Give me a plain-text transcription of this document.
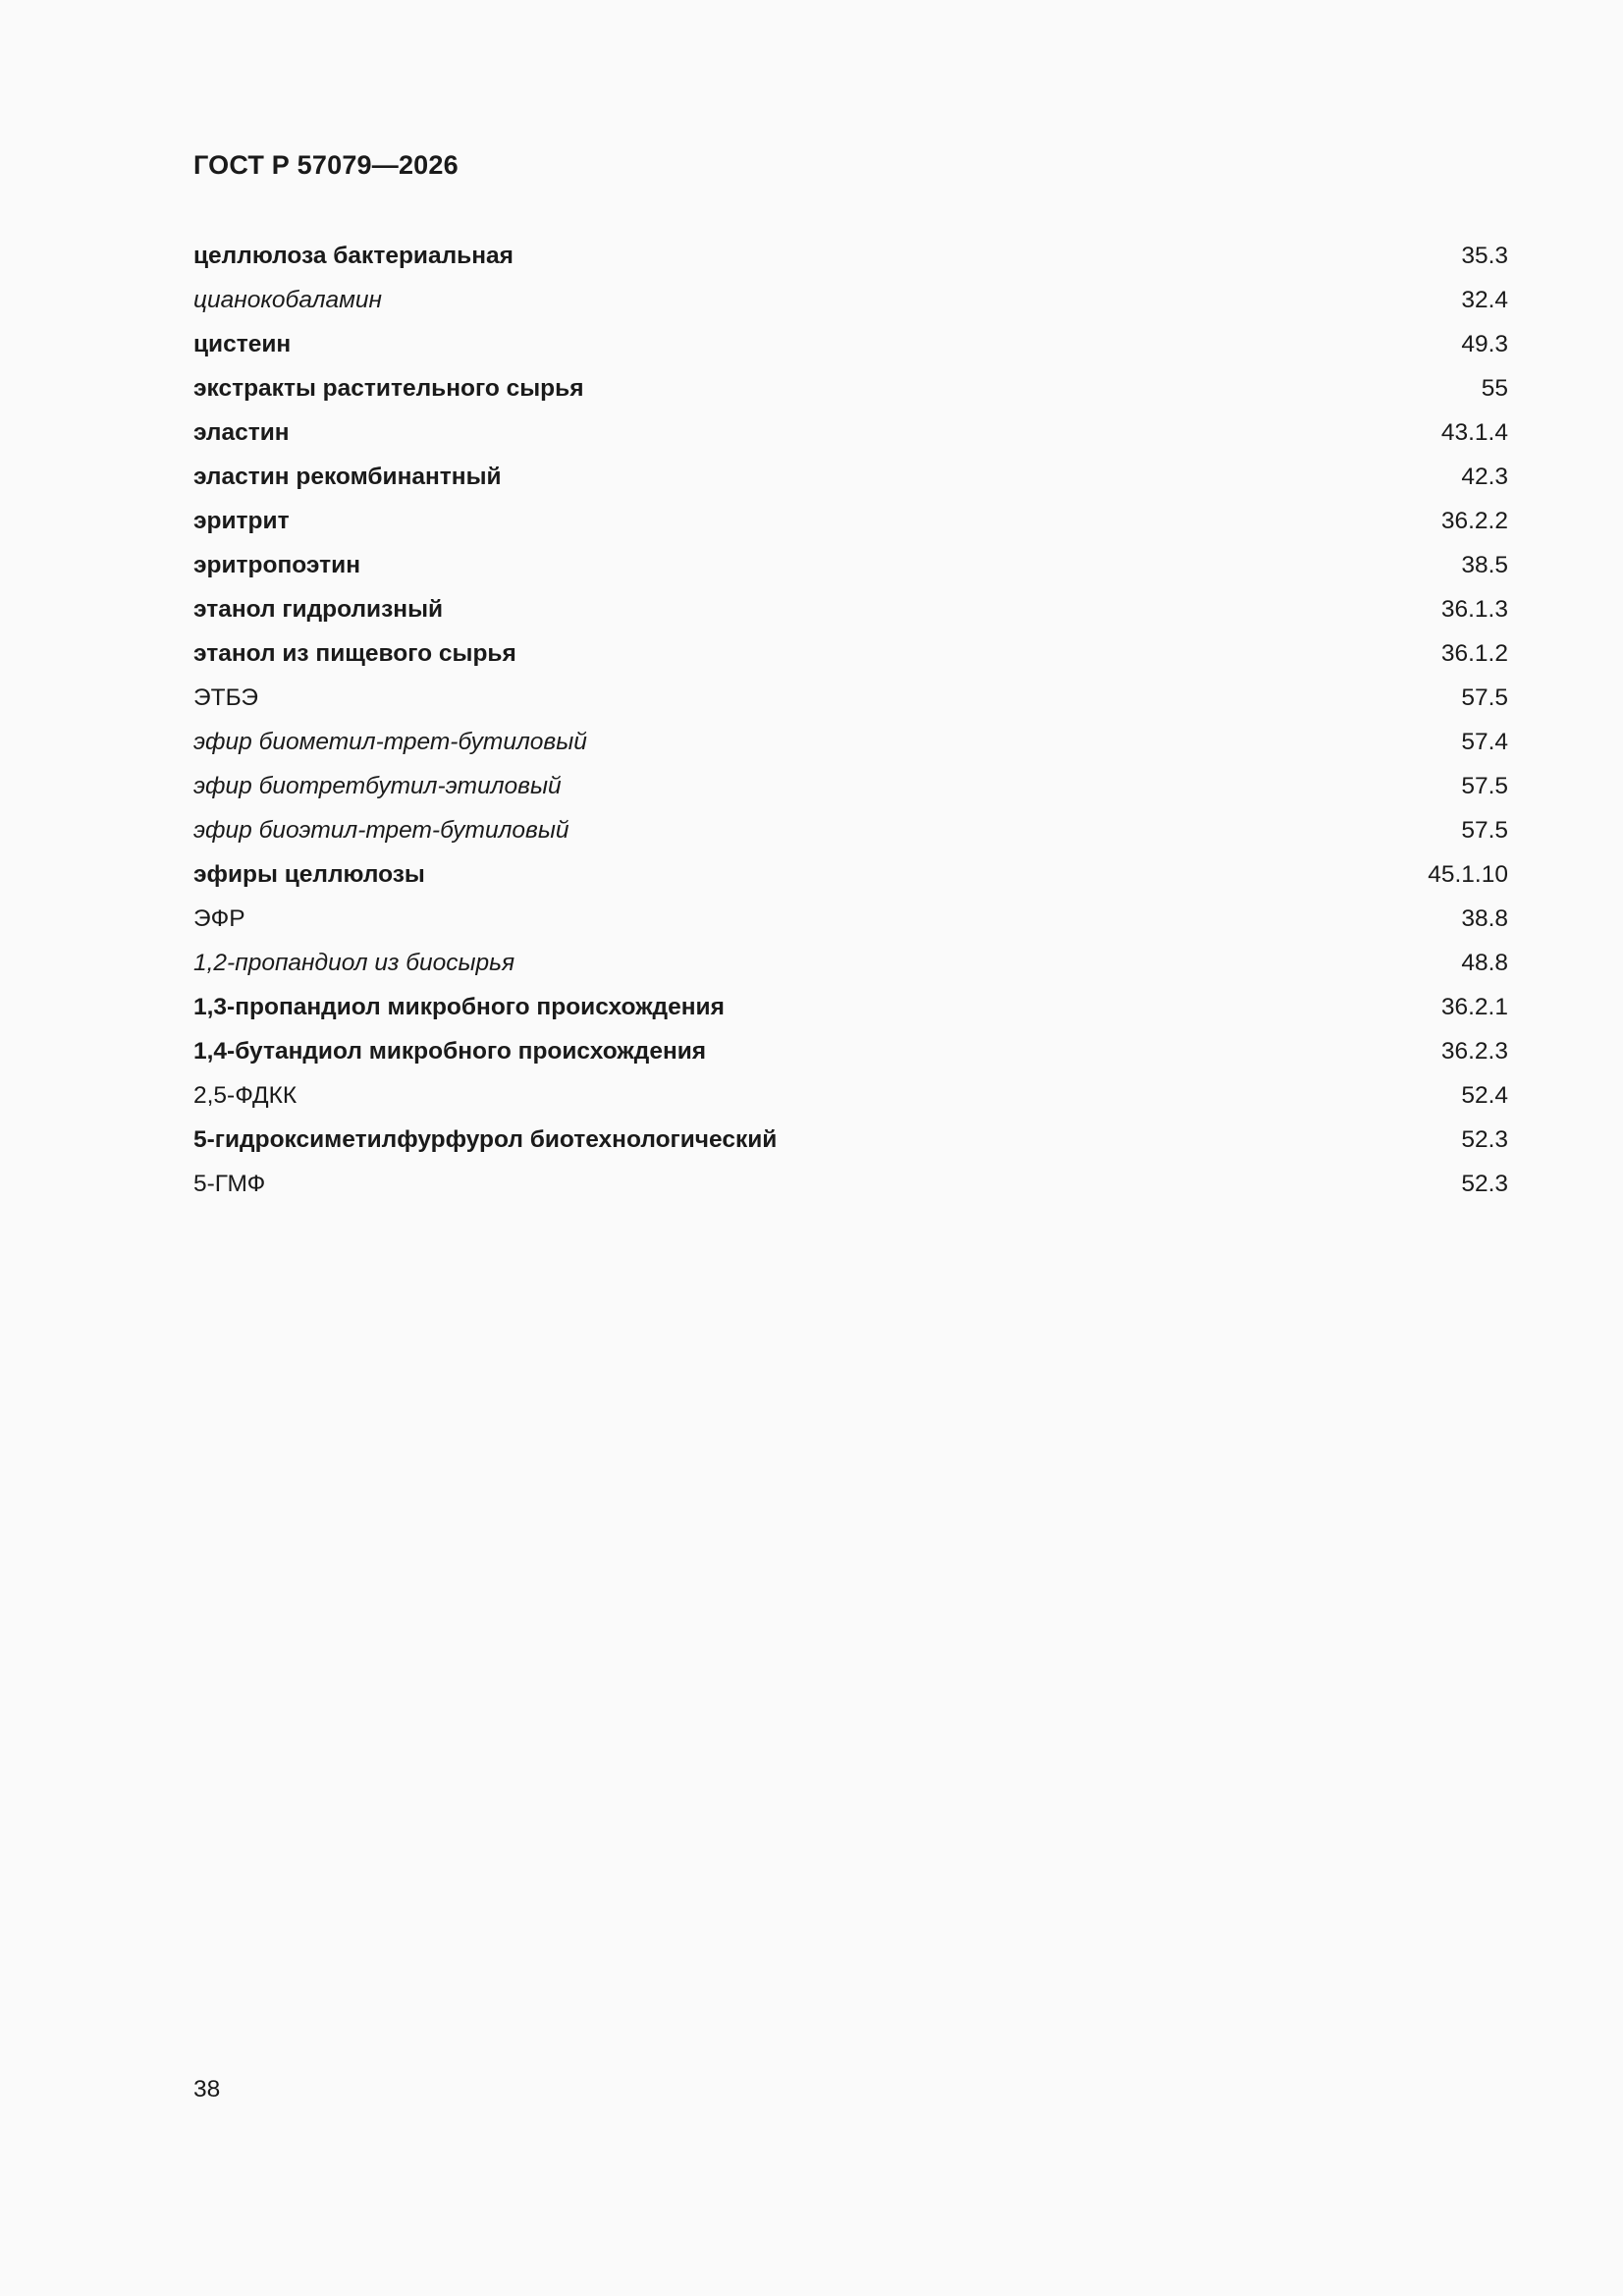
ГОСТ Р 57079—2026
целлюлоза бактериальная	35.3
цианокобаламин	32.4
цистеин	49.3
экстракты растительного сырья	55
эластин	43.1.4
эластин рекомбинантный	42.3
эритрит	36.2.2
эритропоэтин	38.5
этанол гидролизный	36.1.3
этанол из пищевого сырья	36.1.2
ЭТБЭ	57.5
эфир биометил-трет-бутиловый	57.4
эфир биотретбутил-этиловый	57.5
эфир биоэтил-трет-бутиловый	57.5
эфиры целлюлозы	45.1.10
ЭФР	38.8
1,2-пропандиол из биосырья	48.8
1,3-пропандиол микробного происхождения	36.2.1
1,4-бутандиол микробного происхождения	36.2.3
2,5-ФДКК	52.4
5-гидроксиметилфурфурол биотехнологический	52.3
5-ГМФ	52.3
38
